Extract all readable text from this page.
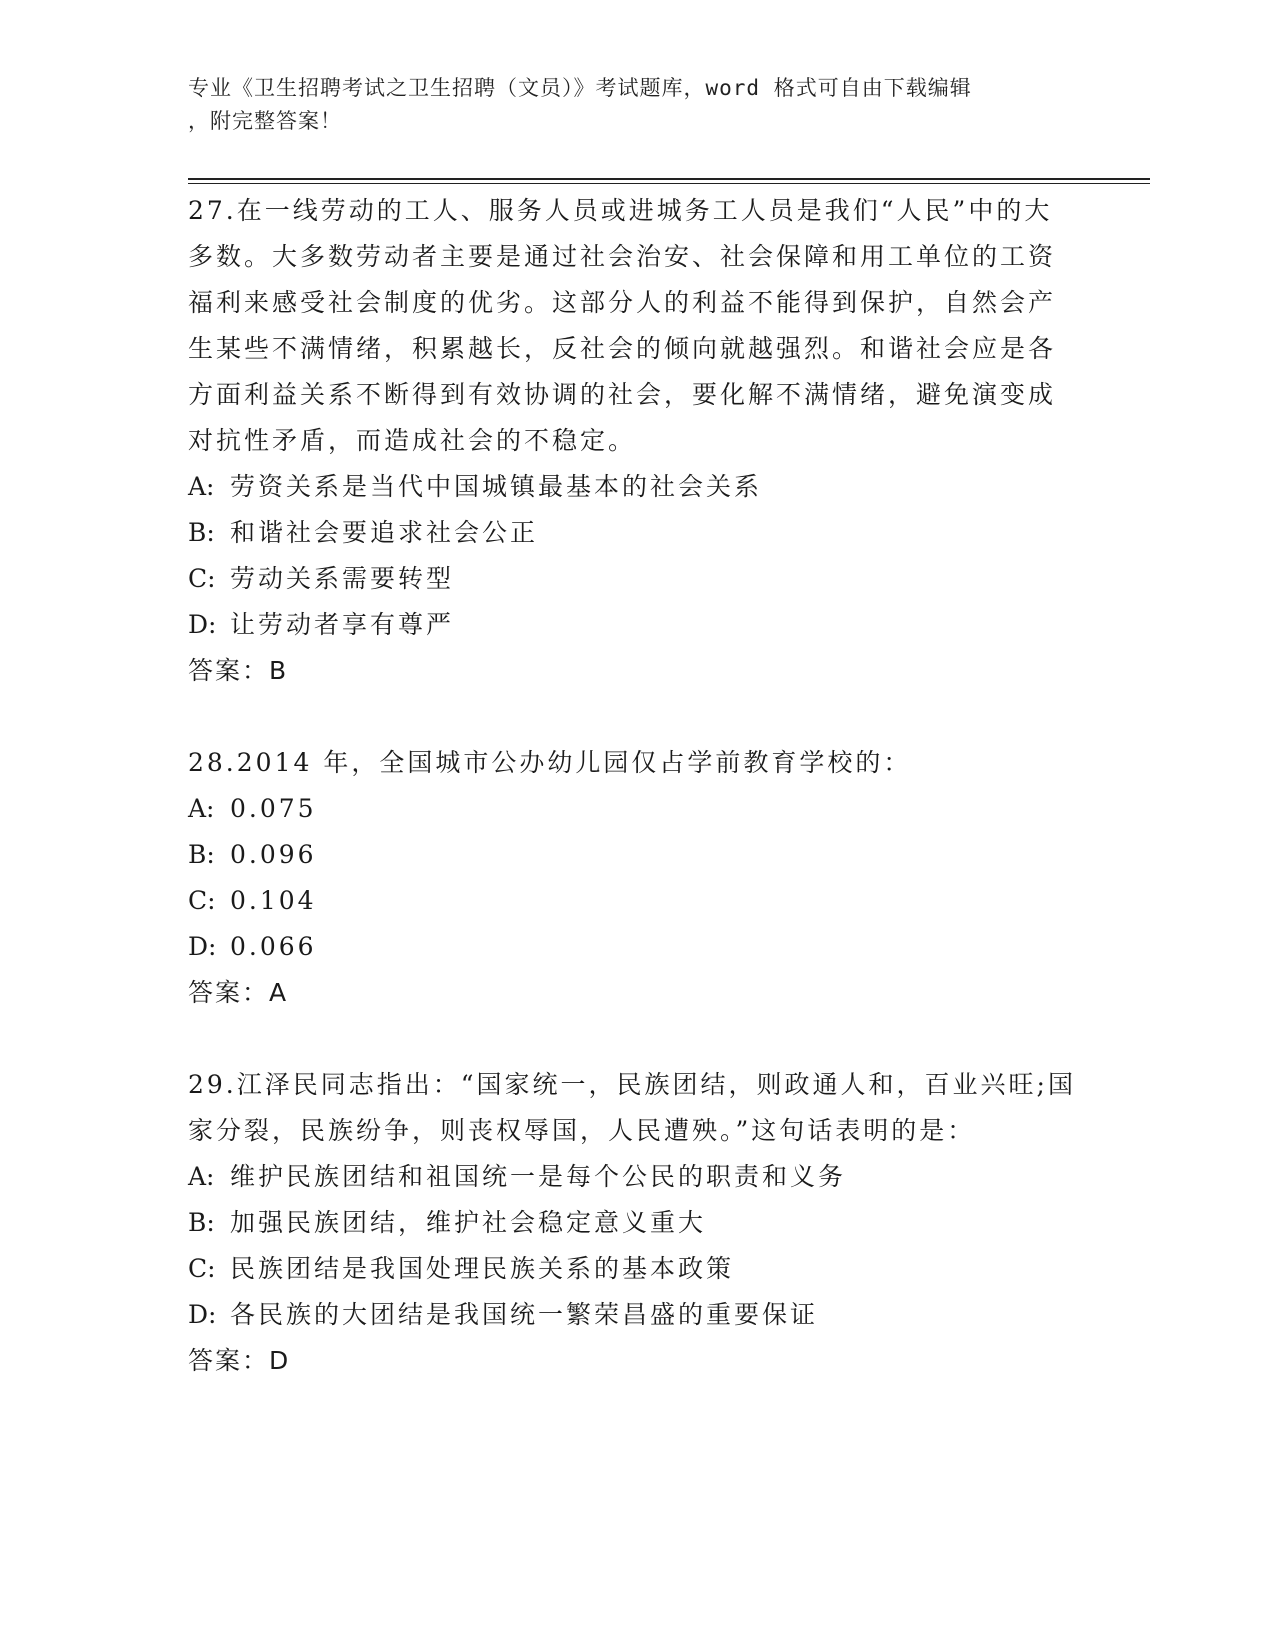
专业《卫生招聘考试之卫生招聘（文员）》考试题库，word 格式可自由下载编辑
，附完整答案！

27.在一线劳动的工人、服务人员或进城务工人员是我们“人民”中的大多数。大多数劳动者主要是通过社会治安、社会保障和用工单位的工资福利来感受社会制度的优劣。这部分人的利益不能得到保护，自然会产生某些不满情绪，积累越长，反社会的倾向就越强烈。和谐社会应是各方面利益关系不断得到有效协调的社会，要化解不满情绪，避免演变成对抗性矛盾，而造成社会的不稳定。

A: 劳资关系是当代中国城镇最基本的社会关系

B: 和谐社会要追求社会公正

C: 劳动关系需要转型

D: 让劳动者享有尊严

答案：B

28.2014 年，全国城市公办幼儿园仅占学前教育学校的：

A: 0.075

B: 0.096

C: 0.104

D: 0.066

答案：A

29.江泽民同志指出：“国家统一，民族团结，则政通人和，百业兴旺;国家分裂，民族纷争，则丧权辱国，人民遭殃。”这句话表明的是：

A: 维护民族团结和祖国统一是每个公民的职责和义务

B: 加强民族团结，维护社会稳定意义重大

C: 民族团结是我国处理民族关系的基本政策

D: 各民族的大团结是我国统一繁荣昌盛的重要保证

答案：D
